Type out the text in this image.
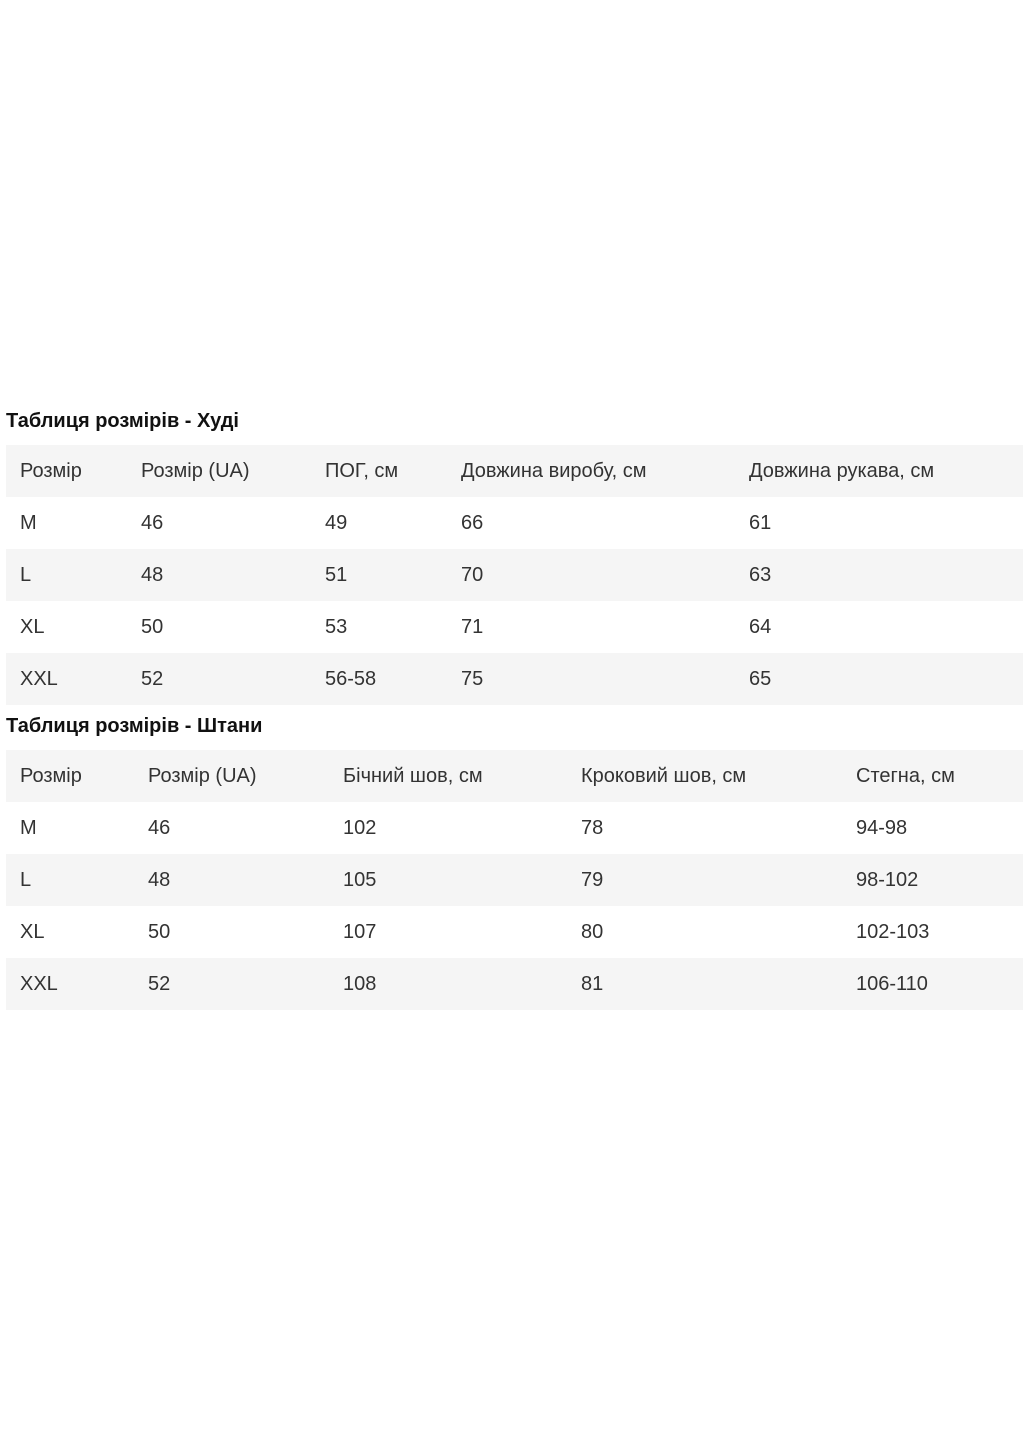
Таблиця розмірів - Худі
Розмір	Розмір (UA)	ПОГ, см	Довжина виробу, см	Довжина рукава, см
M	46	49	66	61
L	48	51	70	63
XL	50	53	71	64
XXL	52	56-58	75	65
Таблиця розмірів - Штани
Розмір	Розмір (UA)	Бічний шов, см	Кроковий шов, см	Стегна, см
M	46	102	78	94-98
L	48	105	79	98-102
XL	50	107	80	102-103
XXL	52	108	81	106-110
